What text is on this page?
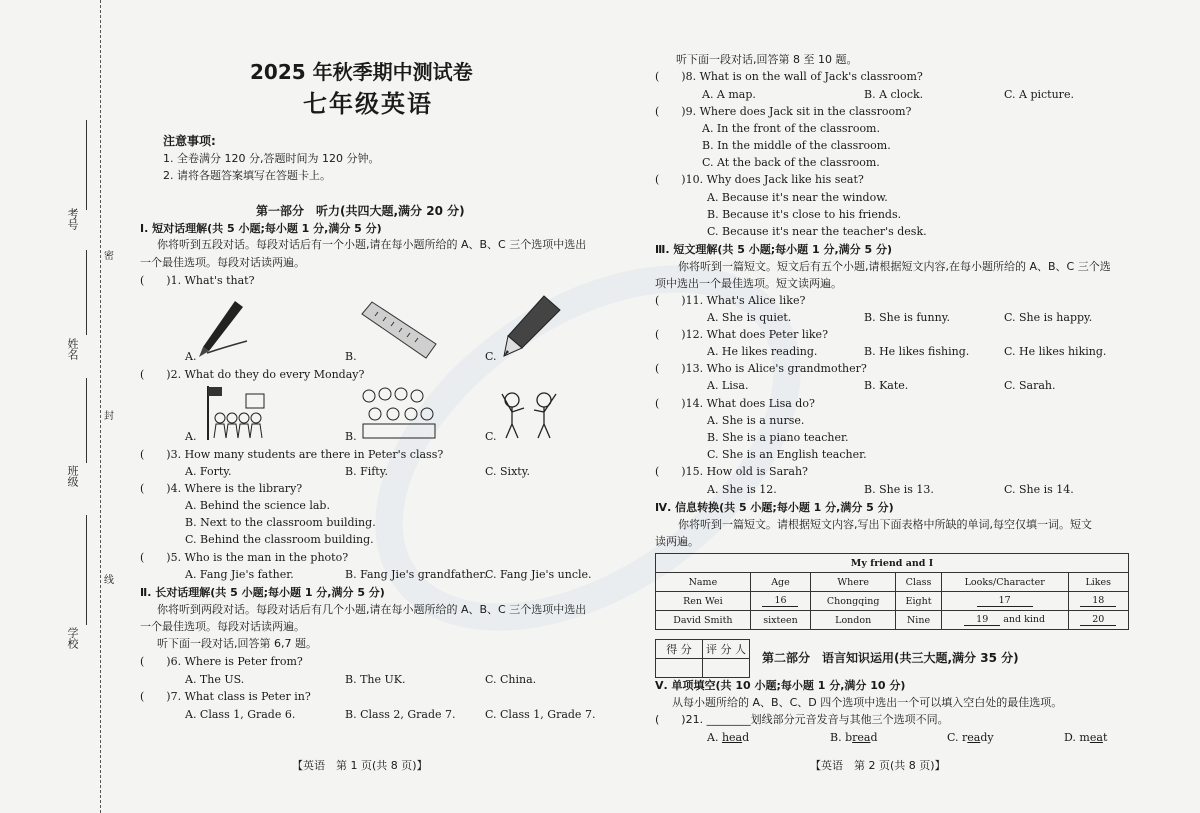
考号
姓名
班级
学校
密
封
线
2025 年秋季期中测试卷
七年级英语
注意事项:
1. 全卷满分 120 分,答题时间为 120 分钟。
2. 请将各题答案填写在答题卡上。
第一部分　听力(共四大题,满分 20 分)
Ⅰ. 短对话理解(共 5 小题;每小题 1 分,满分 5 分)
你将听到五段对话。每段对话后有一个小题,请在每小题所给的 A、B、C 三个选项中选出
一个最佳选项。每段对话读两遍。
(　　)1. What's that?
A.	B.	C.
(　　)2. What do they do every Monday?
A.	B.	C.
(　　)3. How many students are there in Peter's class?
A. Forty.	B. Fifty.	C. Sixty.
(　　)4. Where is the library?
A. Behind the science lab.
B. Next to the classroom building.
C. Behind the classroom building.
(　　)5. Who is the man in the photo?
A. Fang Jie's father.	B. Fang Jie's grandfather.
C. Fang Jie's uncle.
Ⅱ. 长对话理解(共 5 小题;每小题 1 分,满分 5 分)
你将听到两段对话。每段对话后有几个小题,请在每小题所给的 A、B、C 三个选项中选出
一个最佳选项。每段对话读两遍。
听下面一段对话,回答第 6,7 题。
(　　)6. Where is Peter from?
A. The US.	B. The UK.	C. China.
(　　)7. What class is Peter in?
A. Class 1, Grade 6.	B. Class 2, Grade 7.	C. Class 1, Grade 7.
【英语　第 1 页(共 8 页)】
听下面一段对话,回答第 8 至 10 题。
(　　)8. What is on the wall of Jack's classroom?
A. A map.	B. A clock.	C. A picture.
(　　)9. Where does Jack sit in the classroom?
A. In the front of the classroom.
B. In the middle of the classroom.
C. At the back of the classroom.
(　　)10. Why does Jack like his seat?
A. Because it's near the window.
B. Because it's close to his friends.
C. Because it's near the teacher's desk.
Ⅲ. 短文理解(共 5 小题;每小题 1 分,满分 5 分)
你将听到一篇短文。短文后有五个小题,请根据短文内容,在每小题所给的 A、B、C 三个选
项中选出一个最佳选项。短文读两遍。
(　　)11. What's Alice like?
A. She is quiet.	B. She is funny.	C. She is happy.
(　　)12. What does Peter like?
A. He likes reading.	B. He likes fishing.	C. He likes hiking.
(　　)13. Who is Alice's grandmother?
A. Lisa.	B. Kate.	C. Sarah.
(　　)14. What does Lisa do?
A. She is a nurse.
B. She is a piano teacher.
C. She is an English teacher.
(　　)15. How old is Sarah?
A. She is 12.	B. She is 13.	C. She is 14.
Ⅳ. 信息转换(共 5 小题;每小题 1 分,满分 5 分)
你将听到一篇短文。请根据短文内容,写出下面表格中所缺的单词,每空仅填一词。短文
读两遍。
My friend and I					
Name	Age	Where	Class	Looks/Character	Likes
Ren Wei	16	Chongqing	Eight	17	18
David Smith	sixteen	London	Nine	19 and kind	20
得 分	评 分 人

第二部分　语言知识运用(共三大题,满分 35 分)
Ⅴ. 单项填空(共 10 小题;每小题 1 分,满分 10 分)
从每小题所给的 A、B、C、D 四个选项中选出一个可以填入空白处的最佳选项。
(　　)21. ________划线部分元音发音与其他三个选项不同。
A. head	B. bread	C. ready	D. meat
【英语　第 2 页(共 8 页)】
